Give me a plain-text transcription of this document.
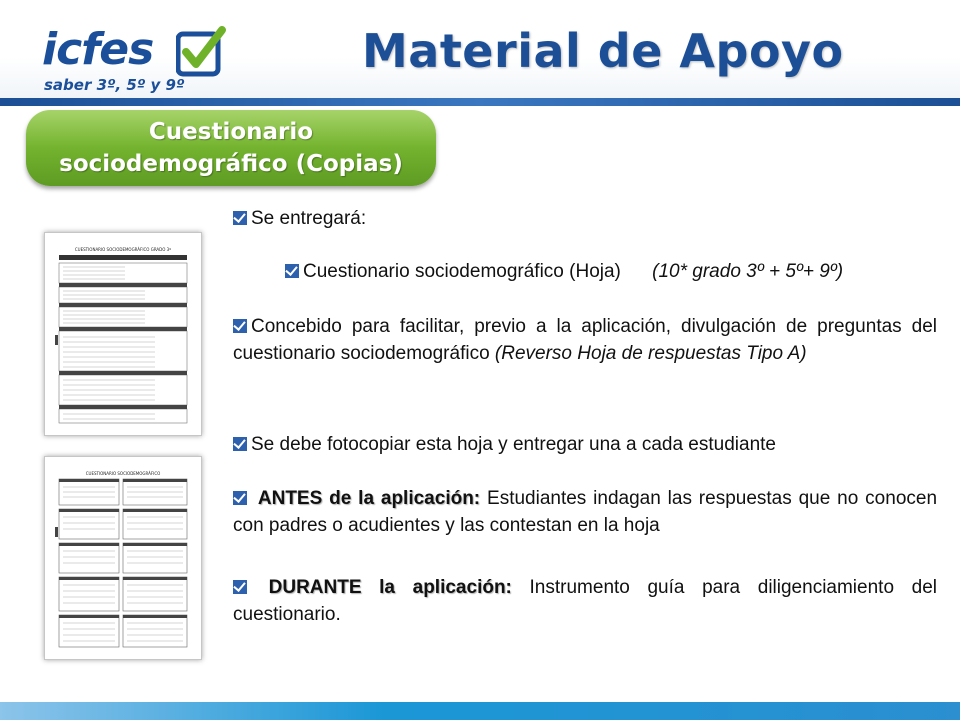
icfes
saber 3º, 5º y 9º
Material de Apoyo
Cuestionario
sociodemográfico (Copias)
CUESTIONARIO SOCIODEMOGRÁFICO GRADO 3º
CUESTIONARIO SOCIODEMOGRÁFICO
Se entregará:
Cuestionario sociodemográfico (Hoja) (10* grado 3º + 5º+ 9º)
Concebido para facilitar, previo a la aplicación, divulgación de preguntas del cuestionario sociodemográfico (Reverso Hoja de respuestas Tipo A)
Se debe fotocopiar esta hoja y entregar una a cada estudiante
ANTES de la aplicación: Estudiantes indagan las respuestas que no conocen con padres o acudientes y las contestan en la hoja
DURANTE la aplicación: Instrumento guía para diligenciamiento del cuestionario.
